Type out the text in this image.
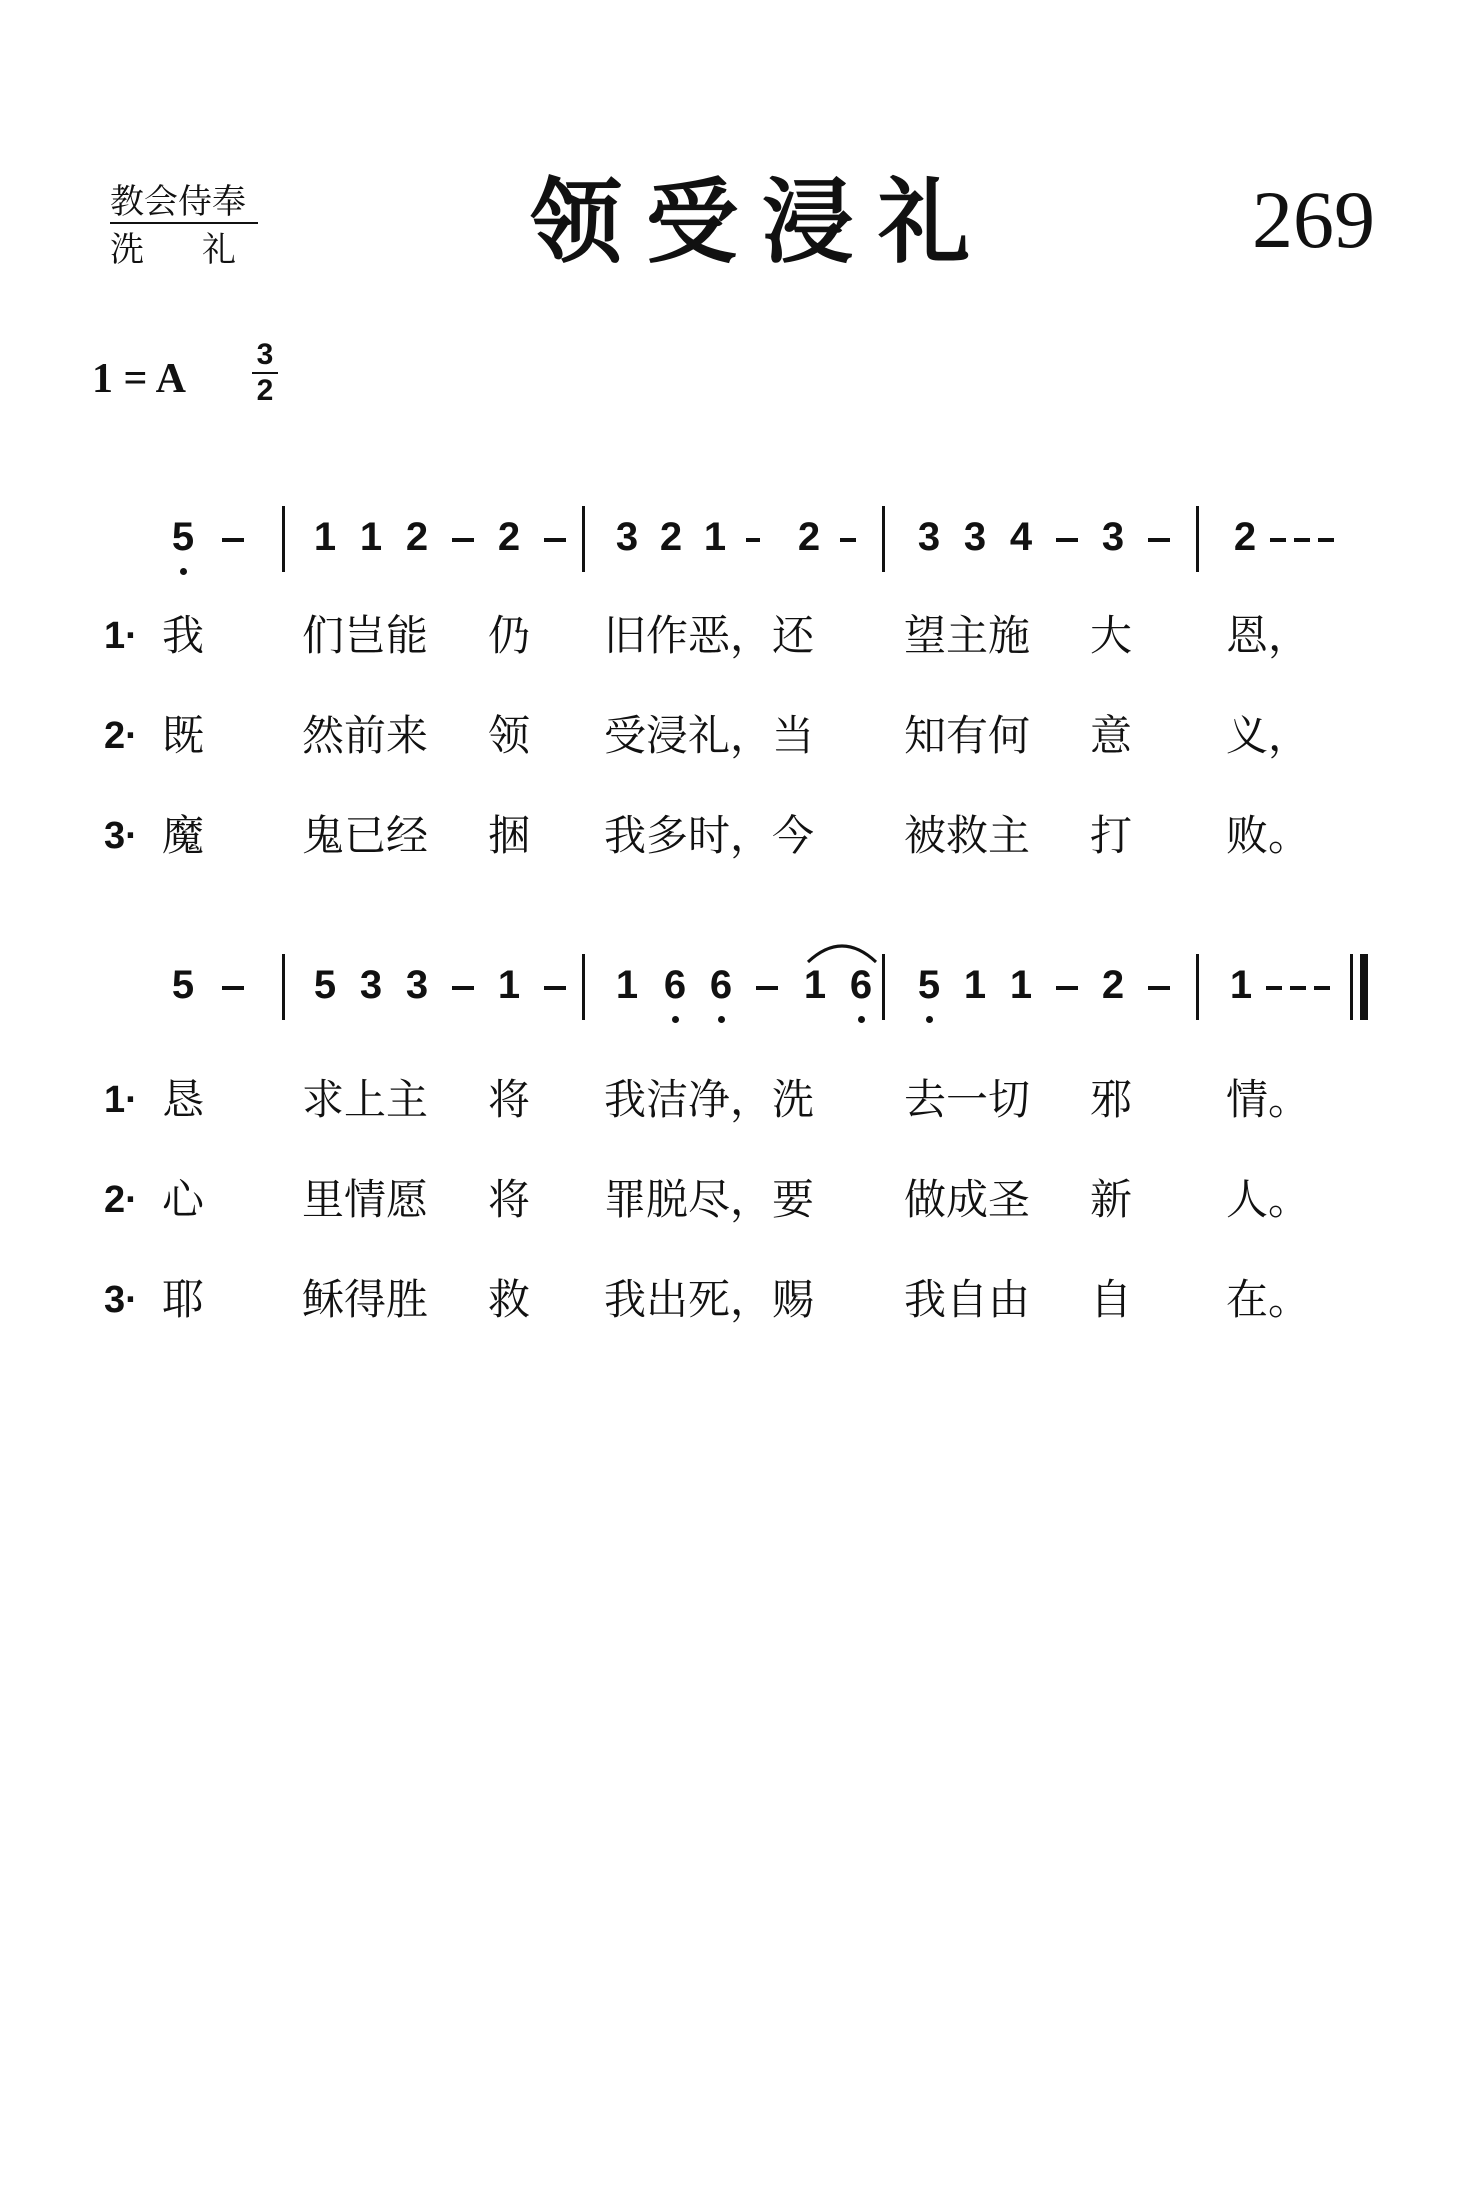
教会侍奉
洗 礼	领受浸礼	269
1 = A
3
2
5	1 1 2 2 3 2 1 2 3 3 4 3	2
1· 我 们岂能 仍 旧作恶，还 望主施 大 恩，
2· 既 然前来 领 受浸礼，当 知有何 意 义，
3· 魔 鬼已经 捆 我多时，今 被救主 打 败。
5	5 3 3 1 1 6 6 1 6 5 1 1 2	1
1· 恳 求上主 将 我洁净，洗 去一切 邪 情。
2· 心 里情愿 将 罪脱尽，要 做成圣 新 人。
3· 耶 稣得胜 救 我出死，赐 我自由 自 在。
